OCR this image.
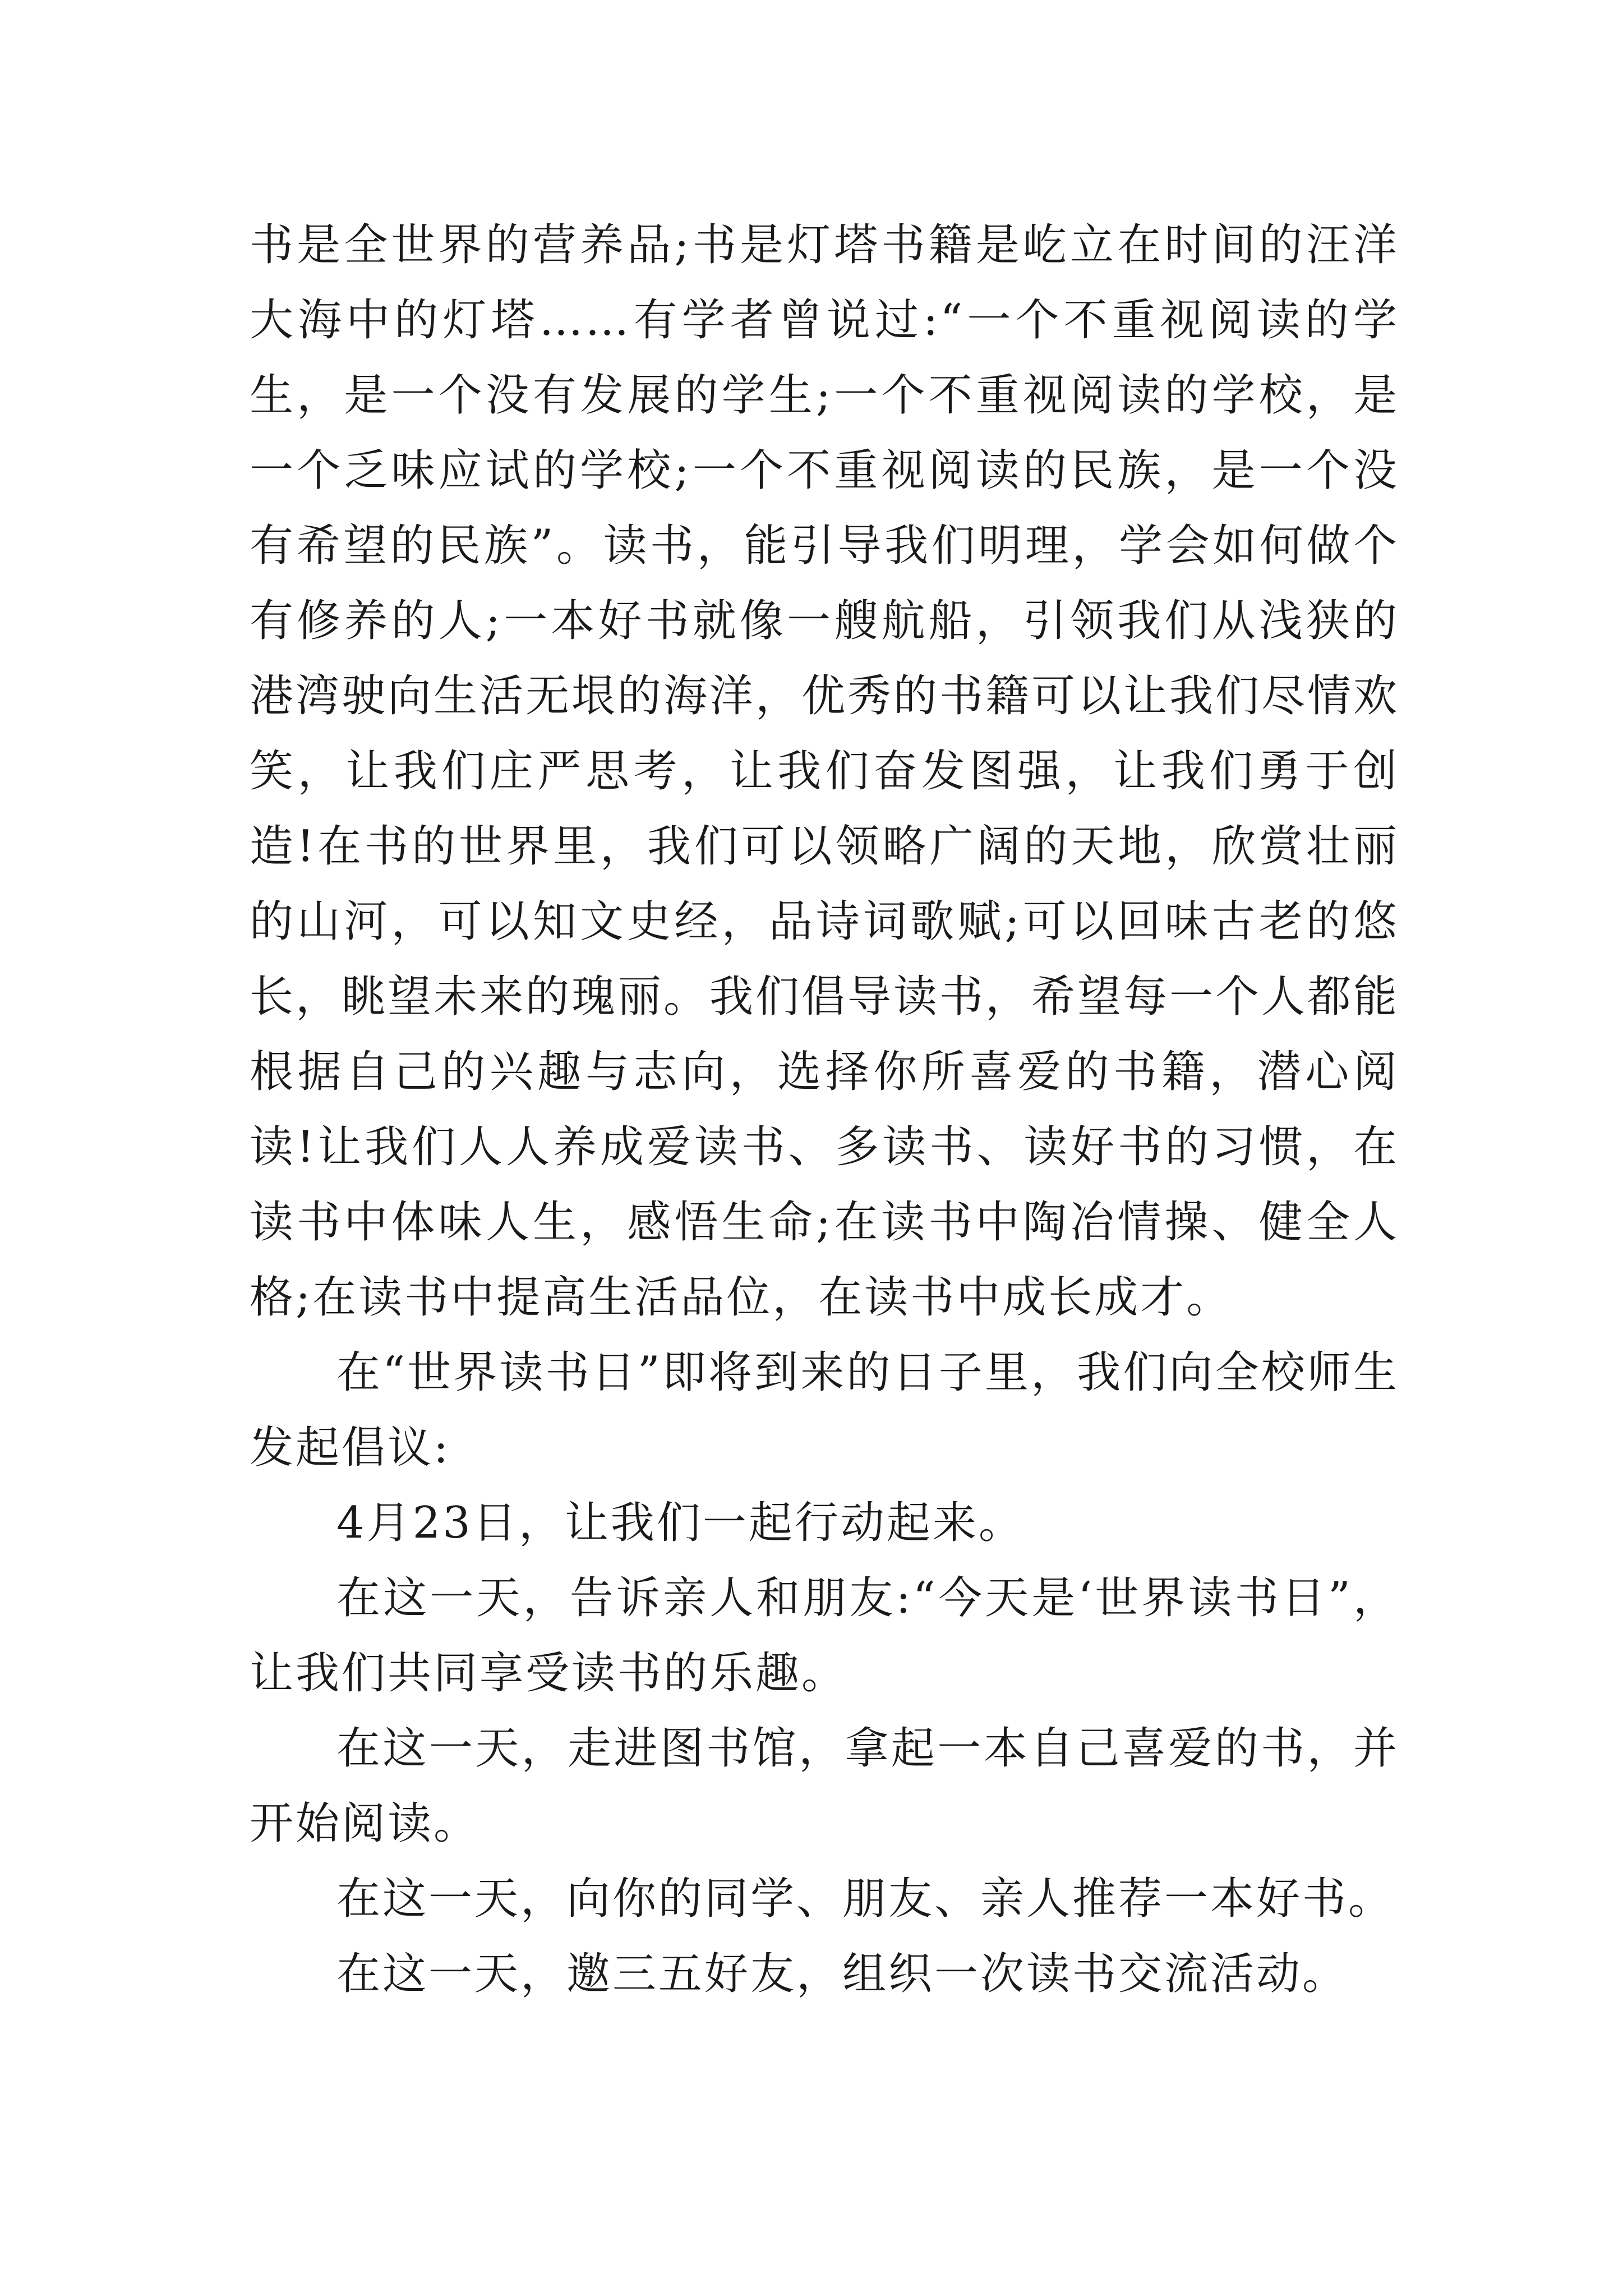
书是全世界的营养品;书是灯塔书籍是屹立在时间的汪洋大海中的灯塔……有学者曾说过:“一个不重视阅读的学生，是一个没有发展的学生;一个不重视阅读的学校，是一个乏味应试的学校;一个不重视阅读的民族，是一个没有希望的民族”。读书，能引导我们明理，学会如何做个有修养的人;一本好书就像一艘航船，引领我们从浅狭的港湾驶向生活无垠的海洋，优秀的书籍可以让我们尽情欢笑，让我们庄严思考，让我们奋发图强，让我们勇于创造!在书的世界里，我们可以领略广阔的天地，欣赏壮丽的山河，可以知文史经，品诗词歌赋;可以回味古老的悠长，眺望未来的瑰丽。我们倡导读书，希望每一个人都能根据自己的兴趣与志向，选择你所喜爱的书籍，潜心阅读!让我们人人养成爱读书、多读书、读好书的习惯，在读书中体味人生，感悟生命;在读书中陶冶情操、健全人格;在读书中提高生活品位，在读书中成长成才。

在“世界读书日”即将到来的日子里，我们向全校师生发起倡议:

4月23日，让我们一起行动起来。

在这一天，告诉亲人和朋友:“今天是‘世界读书日”，让我们共同享受读书的乐趣。

在这一天，走进图书馆，拿起一本自己喜爱的书，并开始阅读。

在这一天，向你的同学、朋友、亲人推荐一本好书。

在这一天，邀三五好友，组织一次读书交流活动。
